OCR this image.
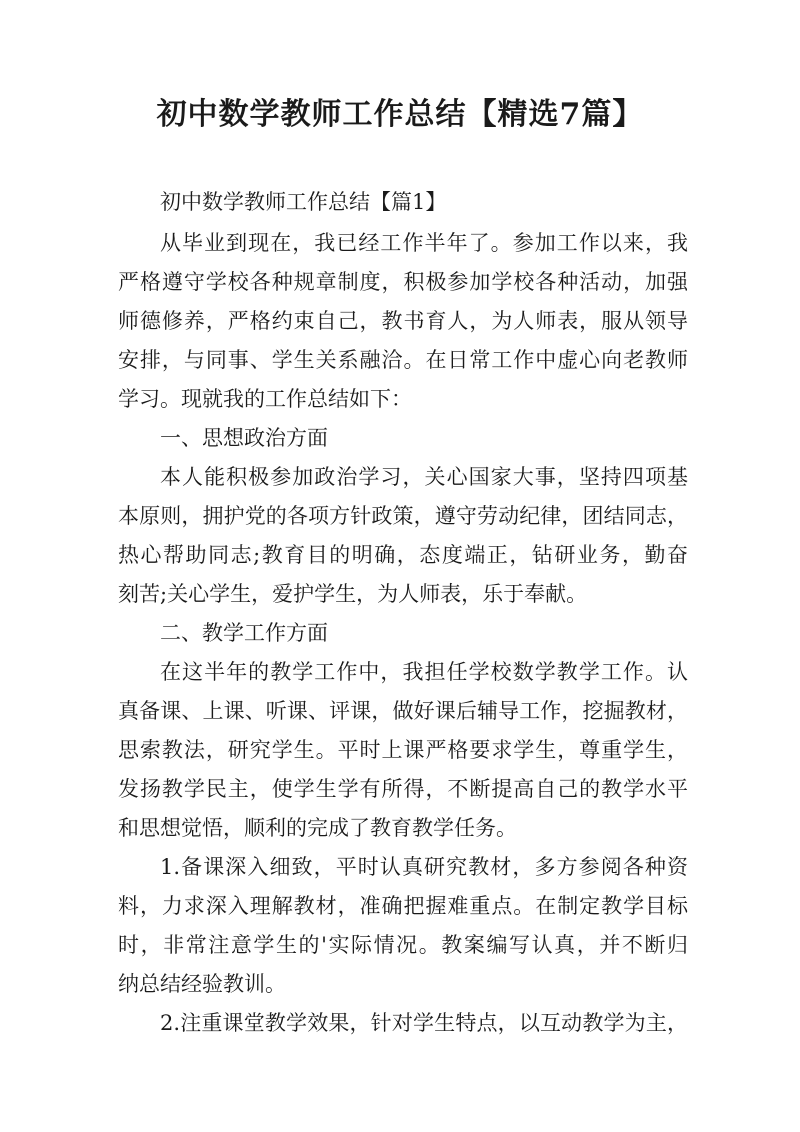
初中数学教师工作总结【精选7篇】
初中数学教师工作总结【篇1】
从毕业到现在，我已经工作半年了。参加工作以来，我
严格遵守学校各种规章制度，积极参加学校各种活动，加强
师德修养，严格约束自己，教书育人，为人师表，服从领导
安排，与同事、学生关系融洽。在日常工作中虚心向老教师
学习。现就我的工作总结如下：
一、思想政治方面
本人能积极参加政治学习，关心国家大事，坚持四项基
本原则，拥护党的各项方针政策，遵守劳动纪律，团结同志，
热心帮助同志;教育目的明确，态度端正，钻研业务，勤奋
刻苦;关心学生，爱护学生，为人师表，乐于奉献。
二、教学工作方面
在这半年的教学工作中，我担任学校数学教学工作。认
真备课、上课、听课、评课，做好课后辅导工作，挖掘教材，
思索教法，研究学生。平时上课严格要求学生，尊重学生，
发扬教学民主，使学生学有所得，不断提高自己的教学水平
和思想觉悟，顺利的完成了教育教学任务。
1.备课深入细致，平时认真研究教材，多方参阅各种资
料，力求深入理解教材，准确把握难重点。在制定教学目标
时，非常注意学生的'实际情况。教案编写认真，并不断归
纳总结经验教训。
2.注重课堂教学效果，针对学生特点，以互动教学为主，
